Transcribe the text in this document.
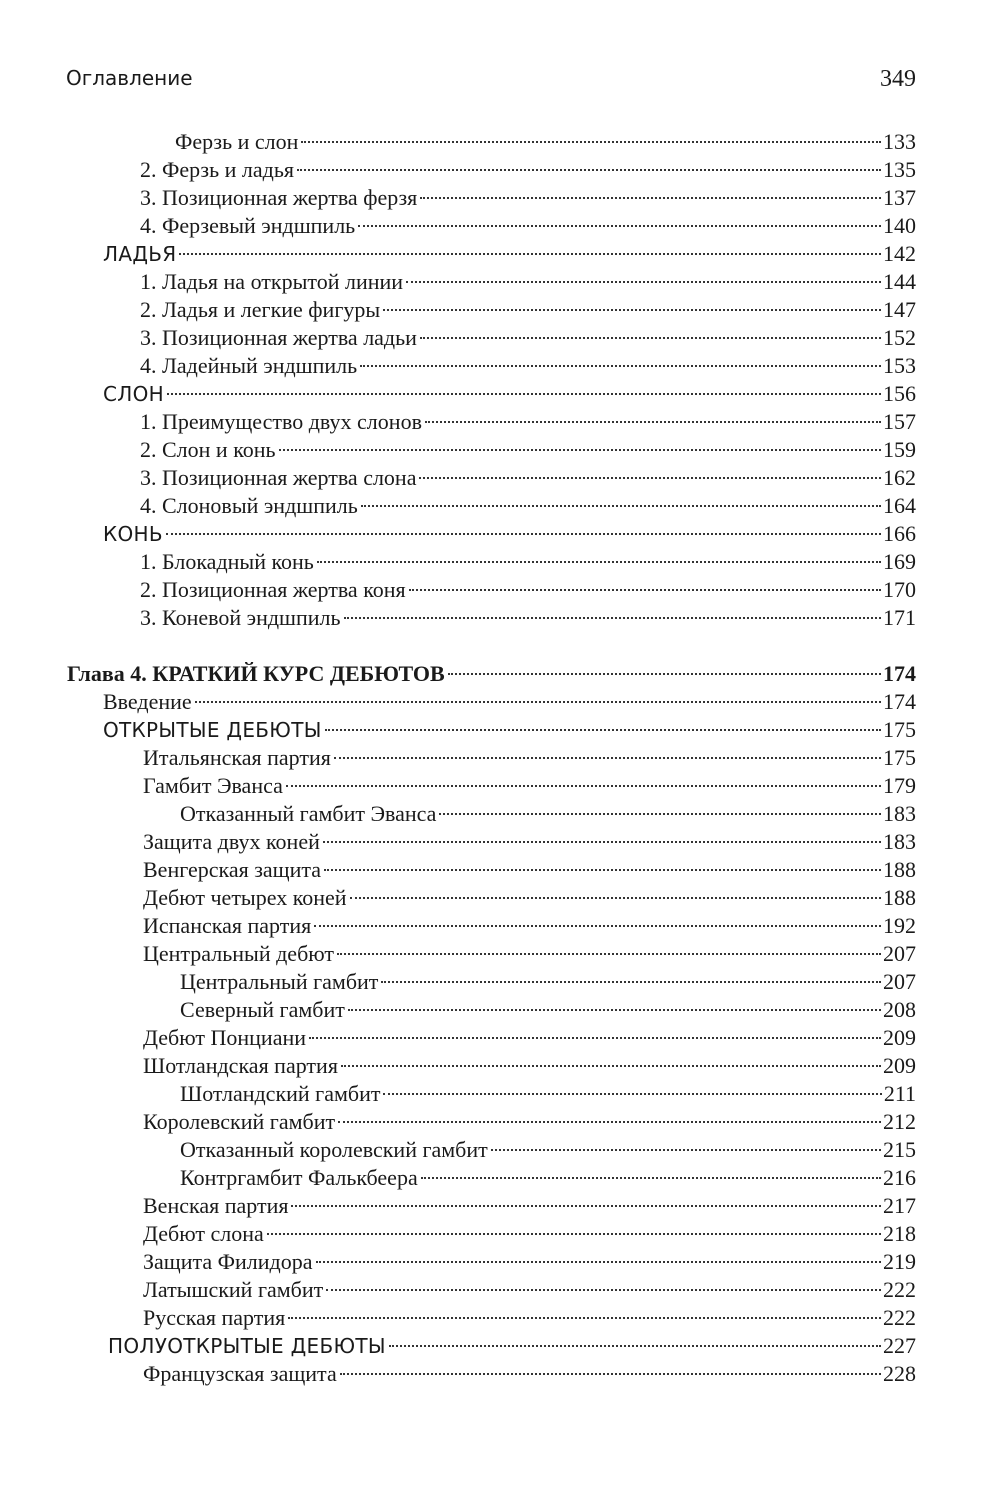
Оглавление	349
Ферзь и слон	133
2. Ферзь и ладья	135
3. Позиционная жертва ферзя	137
4. Ферзевый эндшпиль	140
ЛАДЬЯ	142
1. Ладья на открытой линии	144
2. Ладья и легкие фигуры	147
3. Позиционная жертва ладьи	152
4. Ладейный эндшпиль	153
СЛОН	156
1. Преимущество двух слонов	157
2. Слон и конь	159
3. Позиционная жертва слона	162
4. Слоновый эндшпиль	164
КОНЬ	166
1. Блокадный конь	169
2. Позиционная жертва коня	170
3. Коневой эндшпиль	171
Глава 4. КРАТКИЙ КУРС ДЕБЮТОВ	174
Введение	174
ОТКРЫТЫЕ ДЕБЮТЫ	175
Итальянская партия	175
Гамбит Эванса	179
Отказанный гамбит Эванса	183
Защита двух коней	183
Венгерская защита	188
Дебют четырех коней	188
Испанская партия	192
Центральный дебют	207
Центральный гамбит	207
Северный гамбит	208
Дебют Понциани	209
Шотландская партия	209
Шотландский гамбит	211
Королевский гамбит	212
Отказанный королевский гамбит	215
Контргамбит Фалькбеера	216
Венская партия	217
Дебют слона	218
Защита Филидора	219
Латышский гамбит	222
Русская партия	222
ПОЛУОТКРЫТЫЕ ДЕБЮТЫ	227
Французская защита	228
